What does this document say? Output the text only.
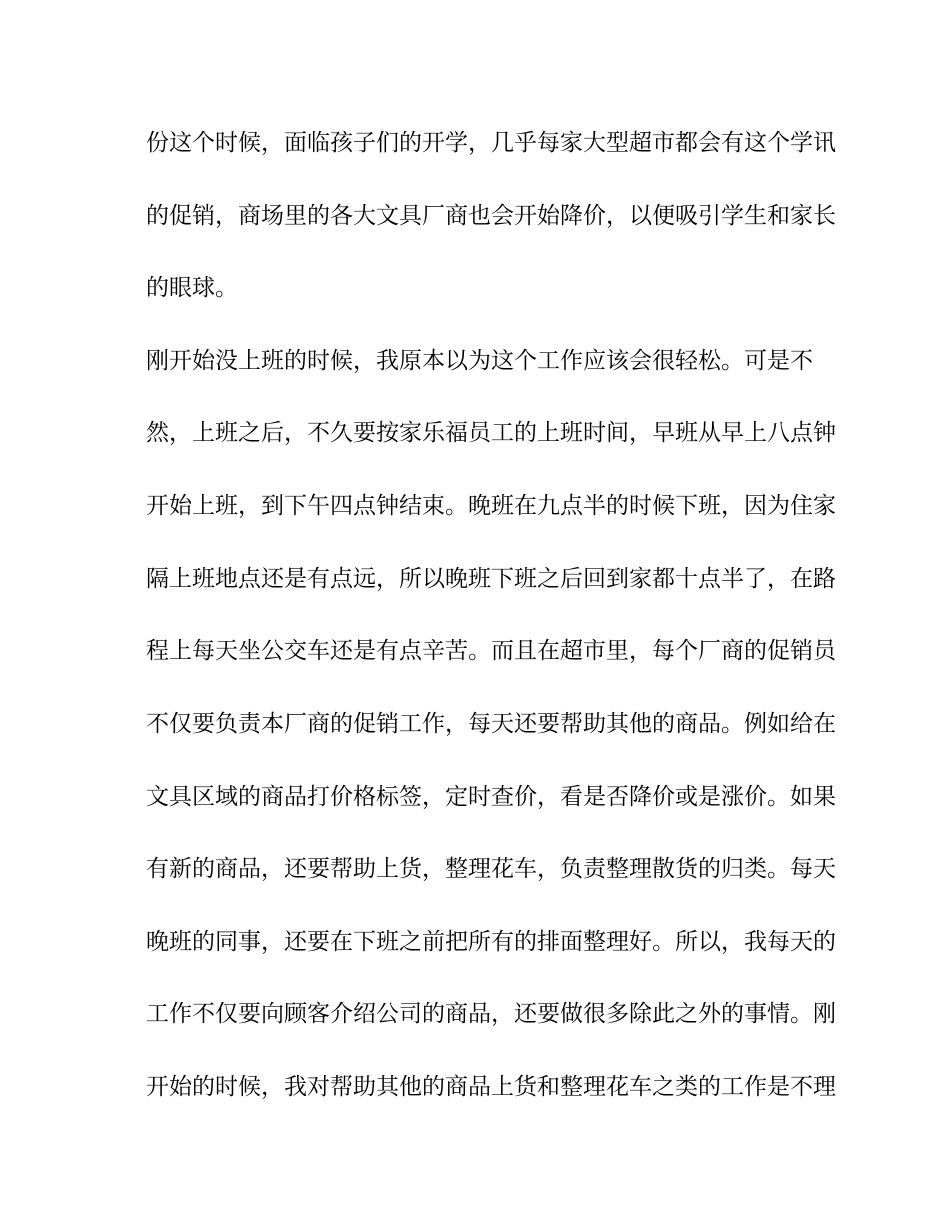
份这个时候，面临孩子们的开学，几乎每家大型超市都会有这个学讯
的促销，商场里的各大文具厂商也会开始降价，以便吸引学生和家长
的眼球。
刚开始没上班的时候，我原本以为这个工作应该会很轻松。可是不
然，上班之后，不久要按家乐福员工的上班时间，早班从早上八点钟
开始上班，到下午四点钟结束。晚班在九点半的时候下班，因为住家
隔上班地点还是有点远，所以晚班下班之后回到家都十点半了，在路
程上每天坐公交车还是有点辛苦。而且在超市里，每个厂商的促销员
不仅要负责本厂商的促销工作，每天还要帮助其他的商品。例如给在
文具区域的商品打价格标签，定时查价，看是否降价或是涨价。如果
有新的商品，还要帮助上货，整理花车，负责整理散货的归类。每天
晚班的同事，还要在下班之前把所有的排面整理好。所以，我每天的
工作不仅要向顾客介绍公司的商品，还要做很多除此之外的事情。刚
开始的时候，我对帮助其他的商品上货和整理花车之类的工作是不理
